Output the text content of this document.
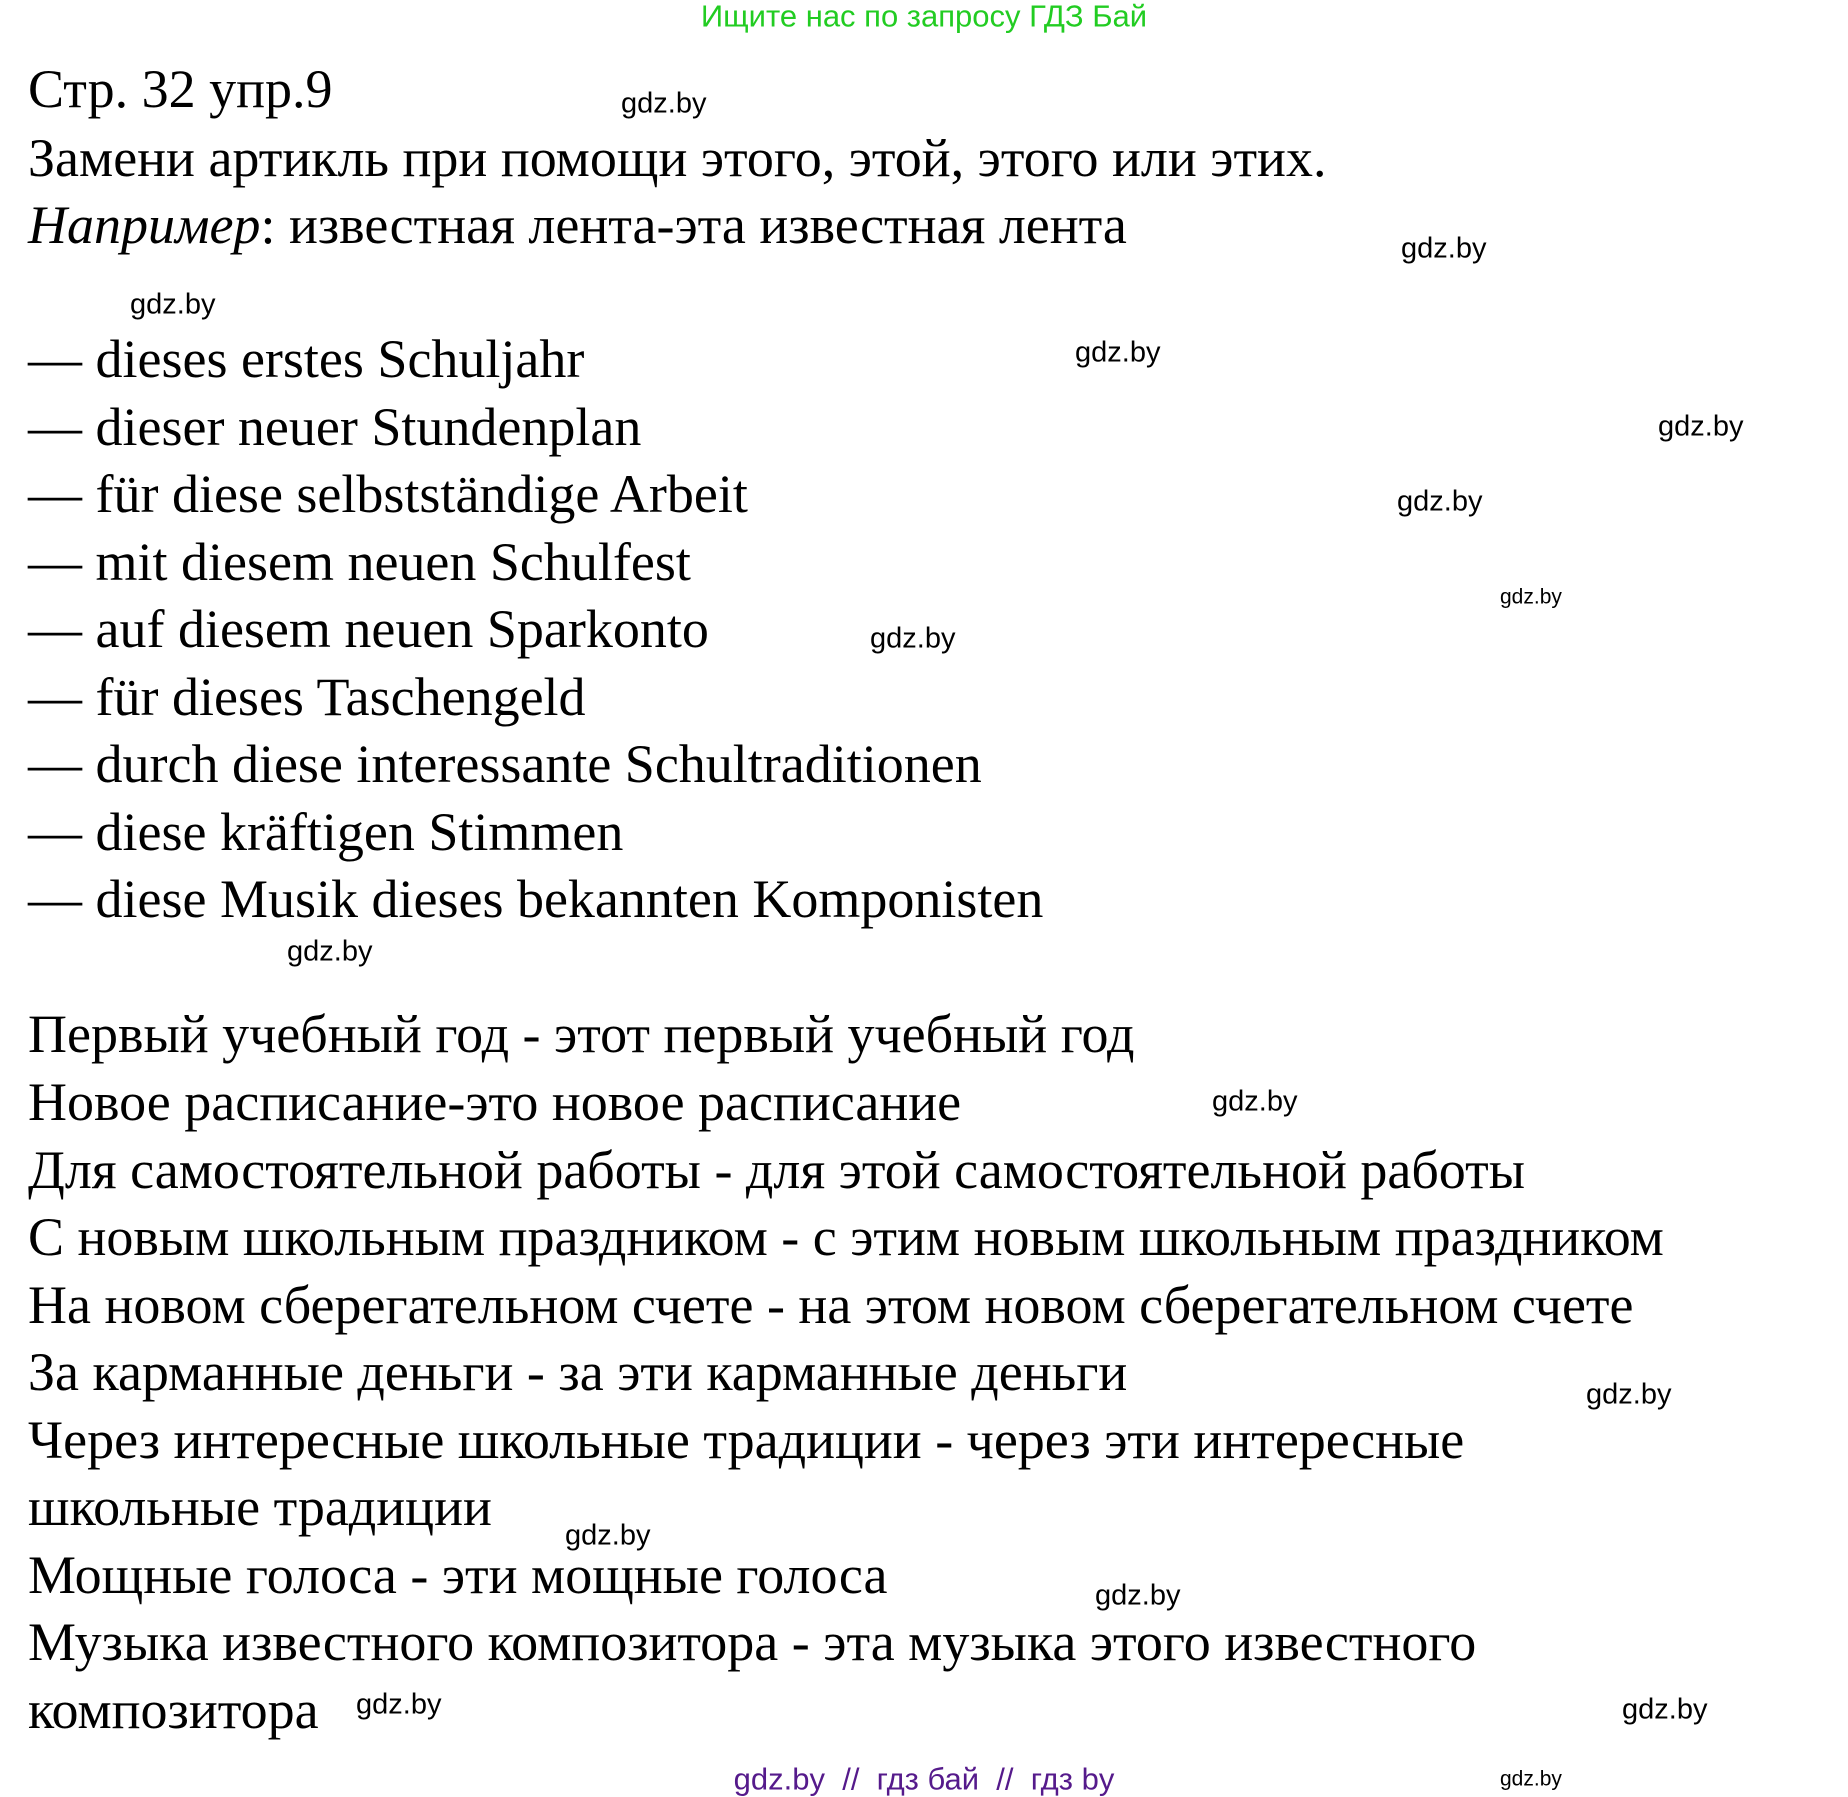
Ищите нас по запросу ГДЗ Бай
Стр. 32 упр.9
Замени артикль при помощи этого, этой, этого или этих.
Например: известная лента-эта известная лента
— dieses erstes Schuljahr
— dieser neuer Stundenplan
— für diese selbstständige Arbeit
— mit diesem neuen Schulfest
— auf diesem neuen Sparkonto
— für dieses Taschengeld
— durch diese interessante Schultraditionen
— diese kräftigen Stimmen
— diese Musik dieses bekannten Komponisten
Первый учебный год - этот первый учебный год
Новое расписание-это новое расписание
Для самостоятельной работы - для этой самостоятельной работы
С новым школьным праздником - с этим новым школьным праздником
На новом сберегательном счете - на этом новом сберегательном счете
За карманные деньги - за эти карманные деньги
Через интересные школьные традиции - через эти интересные
школьные традиции
Мощные голоса - эти мощные голоса
Музыка известного композитора - эта музыка этого известного
композитора
gdz.by
gdz.by
gdz.by
gdz.by
gdz.by
gdz.by
gdz.by
gdz.by
gdz.by
gdz.by
gdz.by
gdz.by
gdz.by
gdz.by
gdz.by
gdz.by
gdz.by  //  гдз бай  //  гдз by
